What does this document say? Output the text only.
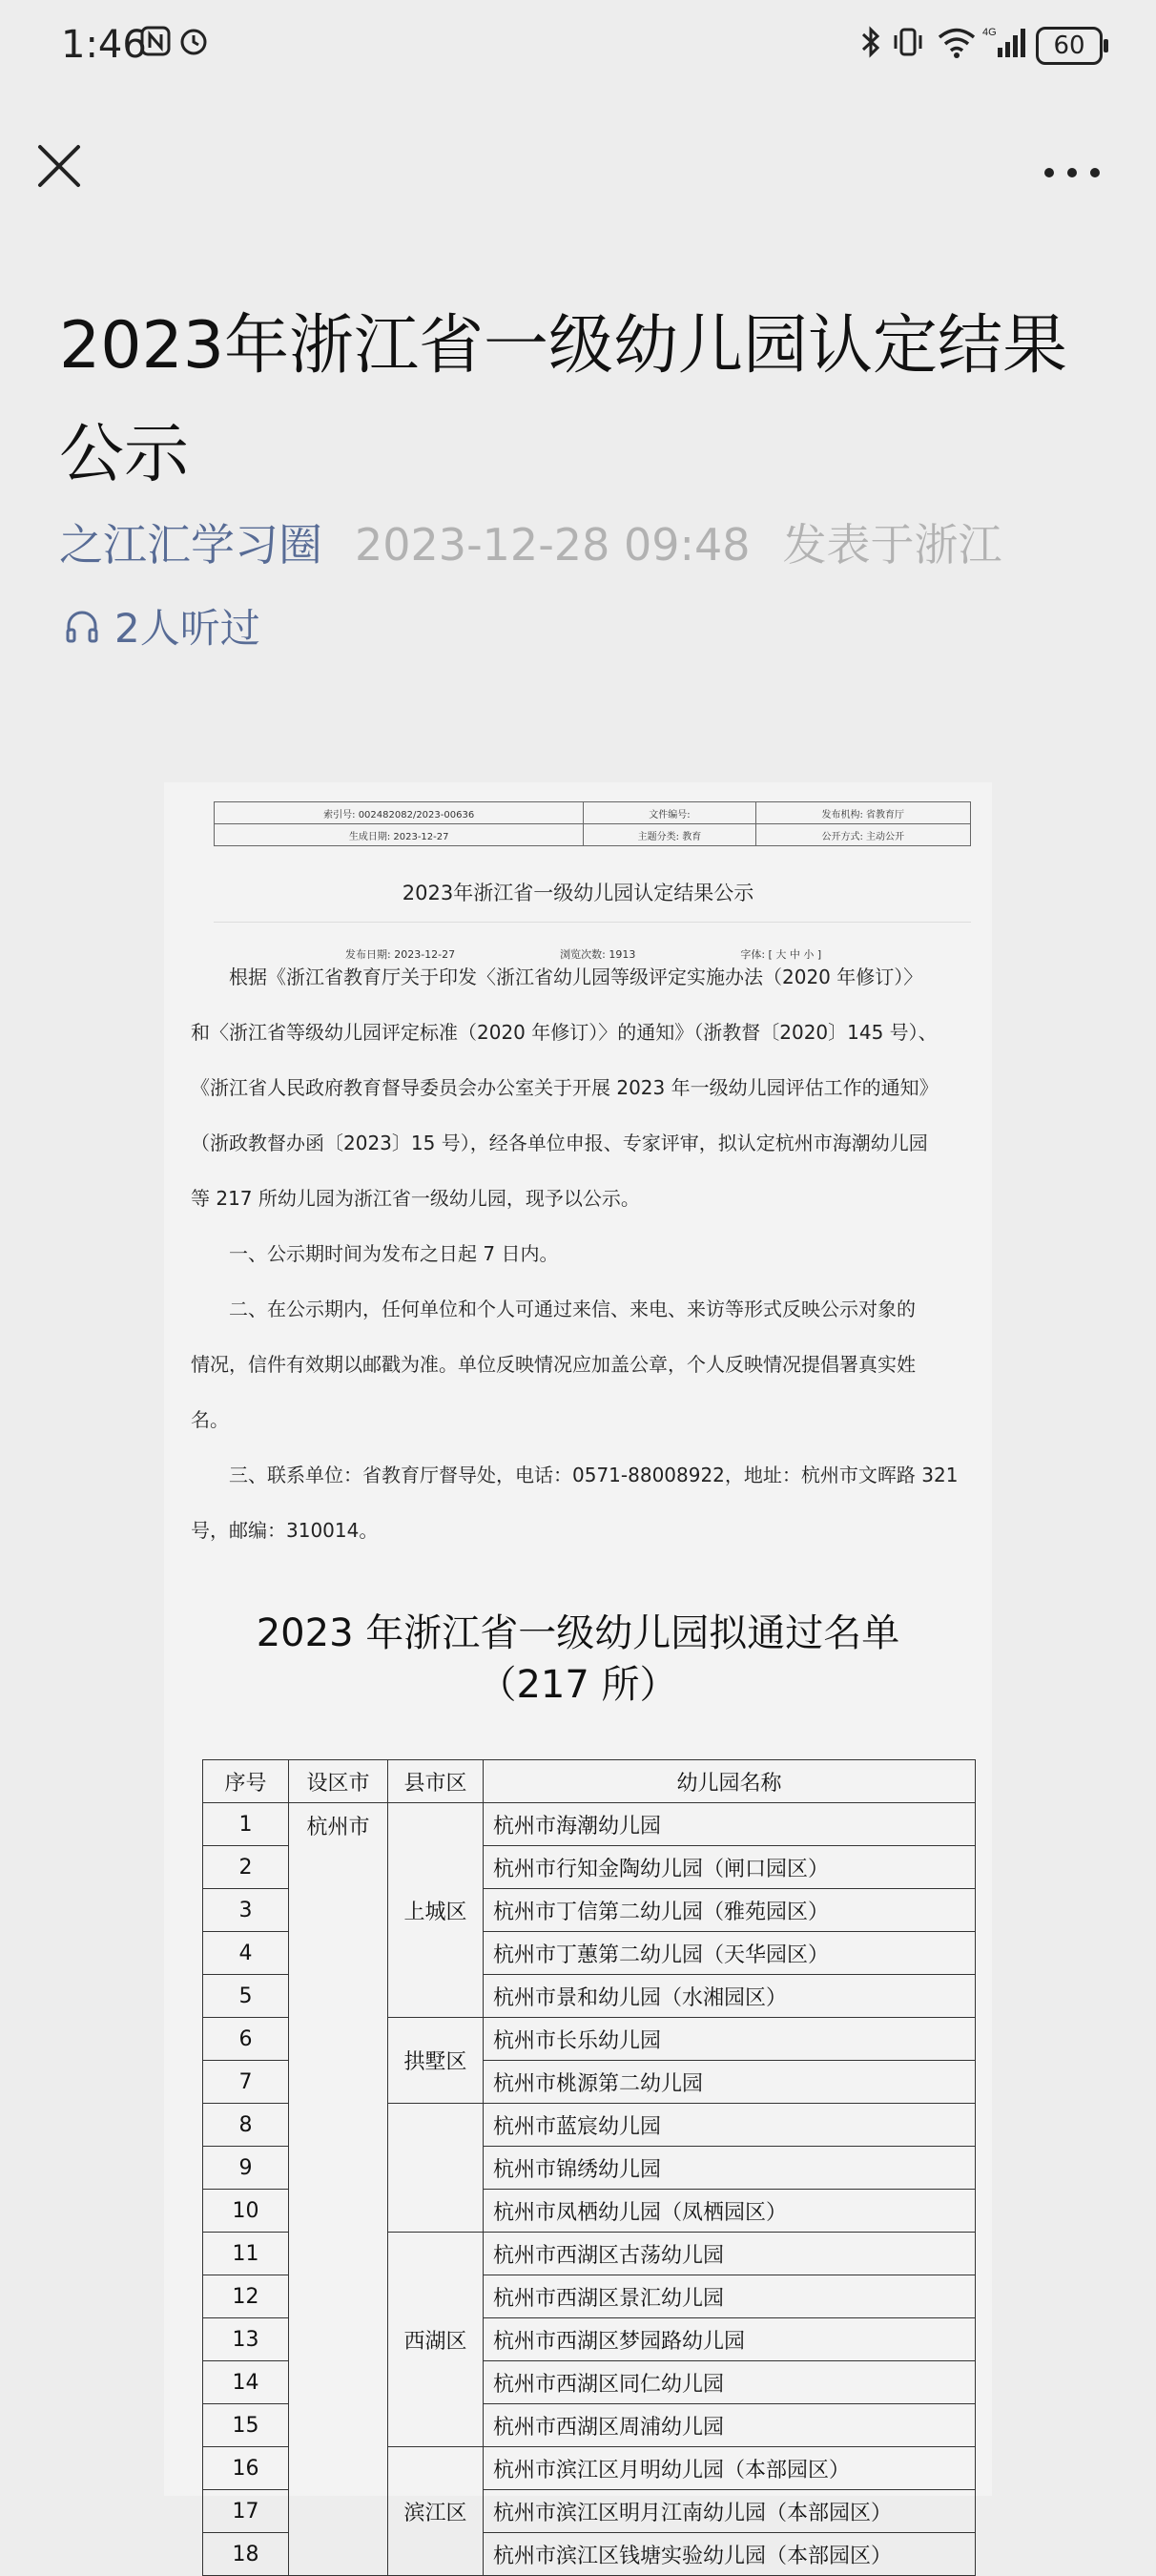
1:46	4G	60
2023年浙江省一级幼儿园认定结果
公示
之江汇学习圈 2023-12-28 09:48 发表于浙江
2人听过
索引号: 002482082/2023-00636	文件编号:	发布机构: 省教育厅
生成日期: 2023-12-27	主题分类: 教育	公开方式: 主动公开
2023年浙江省一级幼儿园认定结果公示
发布日期: 2023-12-27	浏览次数: 1913	字体: [ 大 中 小 ]
　　根据《浙江省教育厅关于印发〈浙江省幼儿园等级评定实施办法（2020 年修订）〉
和〈浙江省等级幼儿园评定标准（2020 年修订）〉的通知》（浙教督〔2020〕145 号）、
《浙江省人民政府教育督导委员会办公室关于开展 2023 年一级幼儿园评估工作的通知》
（浙政教督办函〔2023〕15 号），经各单位申报、专家评审，拟认定杭州市海潮幼儿园
等 217 所幼儿园为浙江省一级幼儿园，现予以公示。
　　一、公示期时间为发布之日起 7 日内。
　　二、在公示期内，任何单位和个人可通过来信、来电、来访等形式反映公示对象的
情况，信件有效期以邮戳为准。单位反映情况应加盖公章，个人反映情况提倡署真实姓
名。
　　三、联系单位：省教育厅督导处，电话：0571-88008922，地址：杭州市文晖路 321
号，邮编：310014。
2023 年浙江省一级幼儿园拟通过名单
（217 所）
序号	设区市	县市区	幼儿园名称
1	杭州市	上城区	杭州市海潮幼儿园
2			杭州市行知金陶幼儿园（闸口园区）
3			杭州市丁信第二幼儿园（雅苑园区）
4			杭州市丁蕙第二幼儿园（天华园区）
5			杭州市景和幼儿园（水湘园区）
6		拱墅区	杭州市长乐幼儿园
7			杭州市桃源第二幼儿园
8			杭州市蓝宸幼儿园
9			杭州市锦绣幼儿园
10			杭州市凤栖幼儿园（凤栖园区）
11		西湖区	杭州市西湖区古荡幼儿园
12			杭州市西湖区景汇幼儿园
13			杭州市西湖区梦园路幼儿园
14			杭州市西湖区同仁幼儿园
15			杭州市西湖区周浦幼儿园
16		滨江区	杭州市滨江区月明幼儿园（本部园区）
17			杭州市滨江区明月江南幼儿园（本部园区）
18			杭州市滨江区钱塘实验幼儿园（本部园区）
